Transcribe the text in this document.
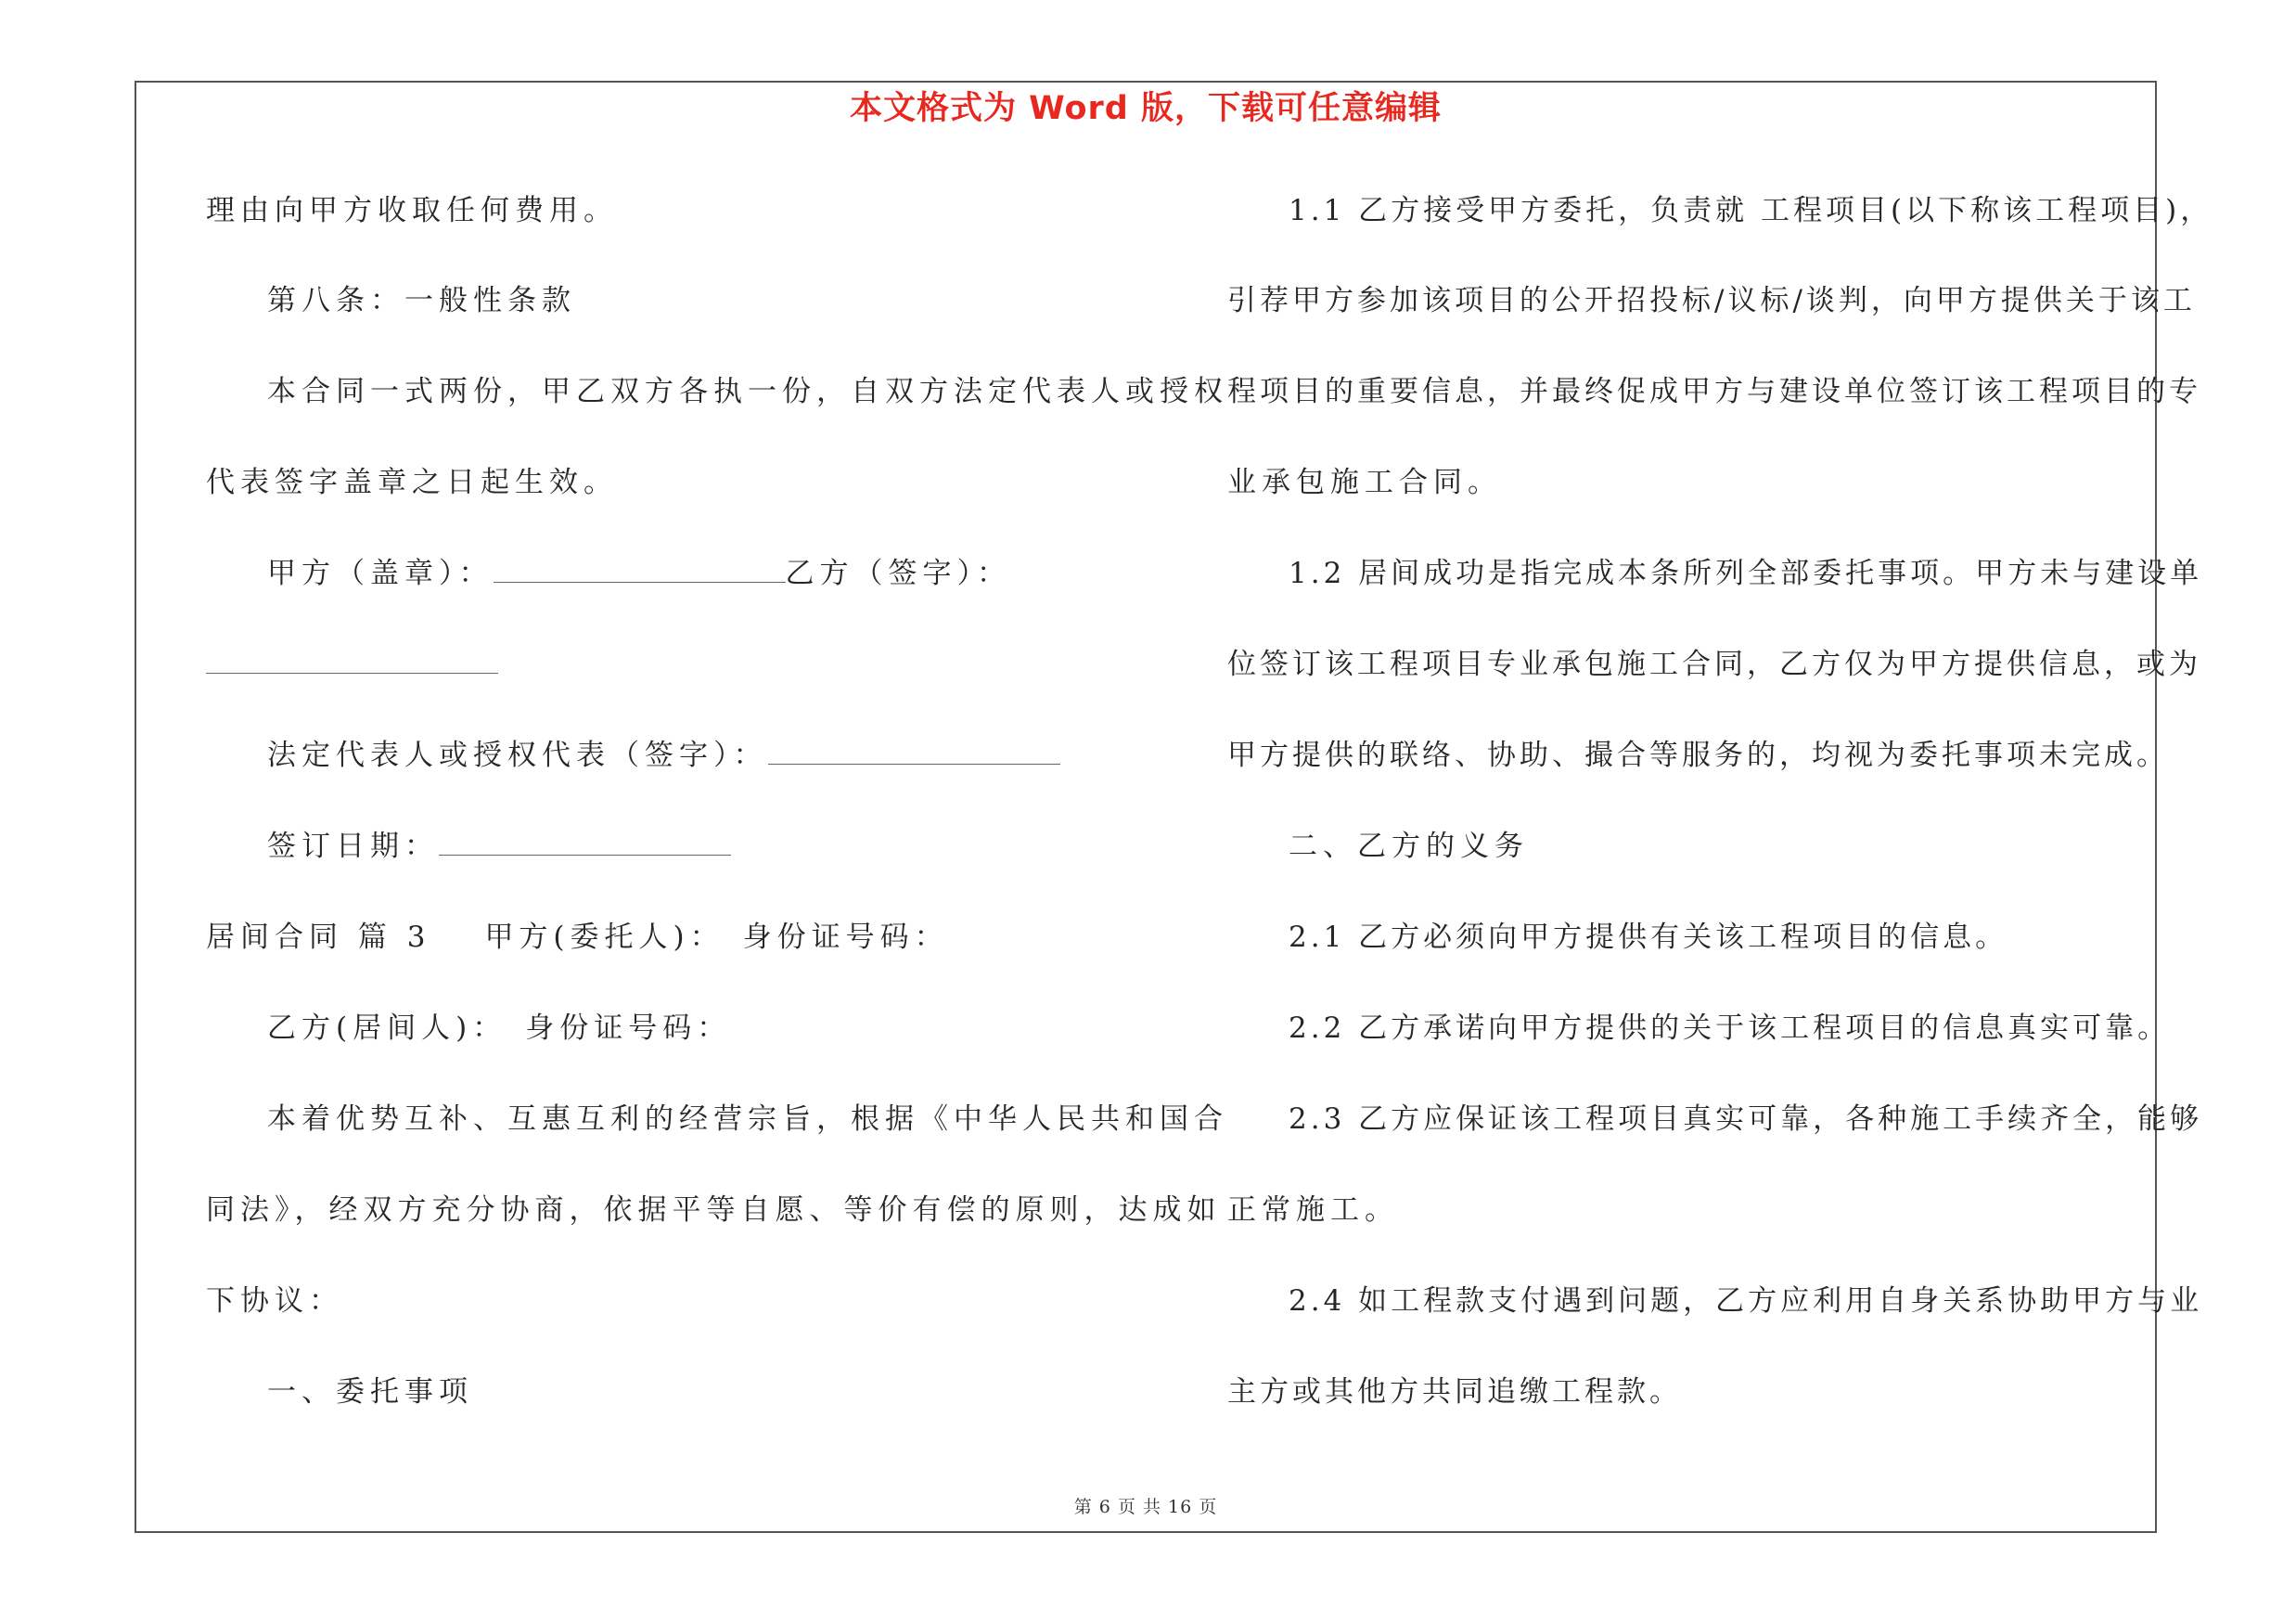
本文格式为 Word 版，下载可任意编辑
理由向甲方收取任何费用。
第八条：一般性条款
本合同一式两份，甲乙双方各执一份，自双方法定代表人或授权
代表签字盖章之日起生效。
甲方（盖章）：	乙方（签字）：
法定代表人或授权代表（签字）：
签订日期：
居间合同 篇 3 甲方(委托人)： 身份证号码：
乙方(居间人)： 身份证号码：
本着优势互补、互惠互利的经营宗旨，根据《中华人民共和国合
同法》，经双方充分协商，依据平等自愿、等价有偿的原则，达成如
下协议：
一、委托事项
1.1 乙方接受甲方委托，负责就 工程项目(以下称该工程项目)，
引荐甲方参加该项目的公开招投标/议标/谈判，向甲方提供关于该工
程项目的重要信息，并最终促成甲方与建设单位签订该工程项目的专
业承包施工合同。
1.2 居间成功是指完成本条所列全部委托事项。甲方未与建设单
位签订该工程项目专业承包施工合同，乙方仅为甲方提供信息，或为
甲方提供的联络、协助、撮合等服务的，均视为委托事项未完成。
二、乙方的义务
2.1 乙方必须向甲方提供有关该工程项目的信息。
2.2 乙方承诺向甲方提供的关于该工程项目的信息真实可靠。
2.3 乙方应保证该工程项目真实可靠，各种施工手续齐全，能够
正常施工。
2.4 如工程款支付遇到问题，乙方应利用自身关系协助甲方与业
主方或其他方共同追缴工程款。
第 6 页 共 16 页
